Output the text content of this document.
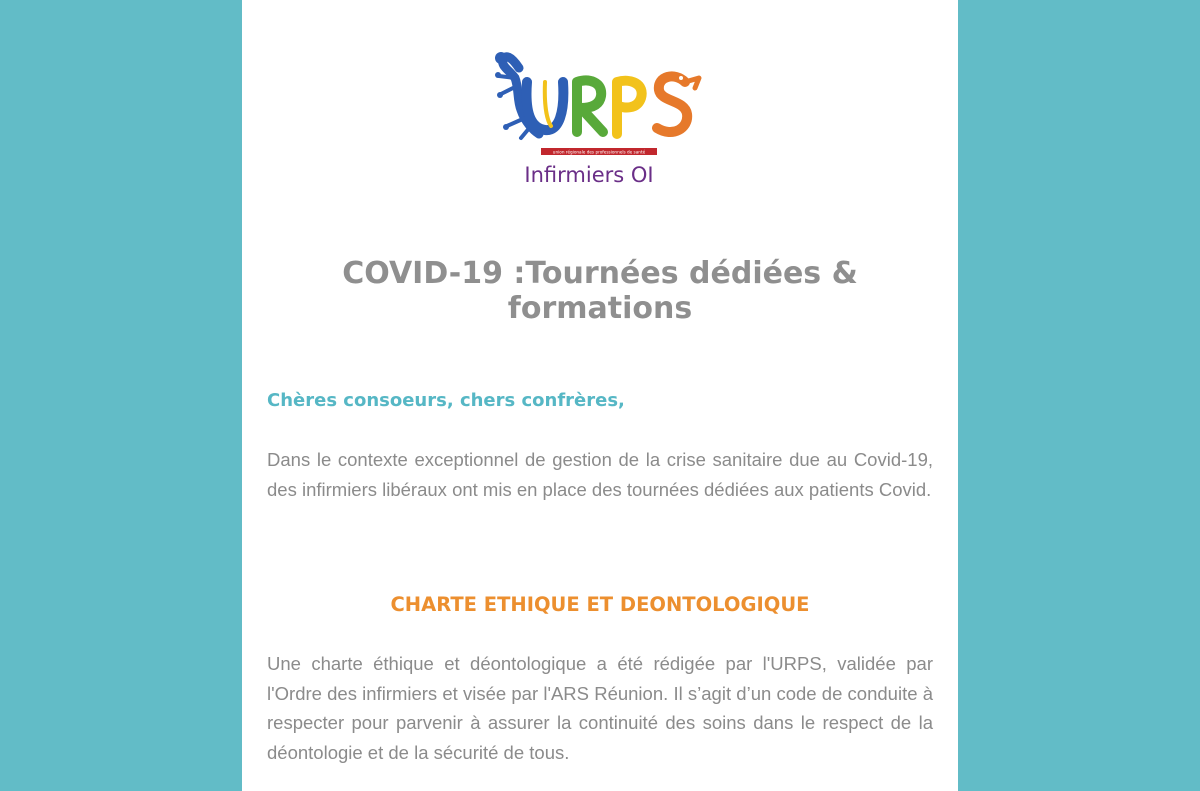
union régionale des professionnels de santé
Infirmiers OI
COVID-19 :Tournées dédiées & formations

Chères consoeurs, chers confrères,

Dans le contexte exceptionnel de gestion de la crise sanitaire due au Covid-19, des infirmiers libéraux ont mis en place des tournées dédiées aux patients Covid.

CHARTE ETHIQUE ET DEONTOLOGIQUE

Une charte éthique et déontologique a été rédigée par l'URPS, validée par l'Ordre des infirmiers et visée par l'ARS Réunion. Il s’agit d’un code de conduite à respecter pour parvenir à assurer la continuité des soins dans le respect de la déontologie et de la sécurité de tous.
